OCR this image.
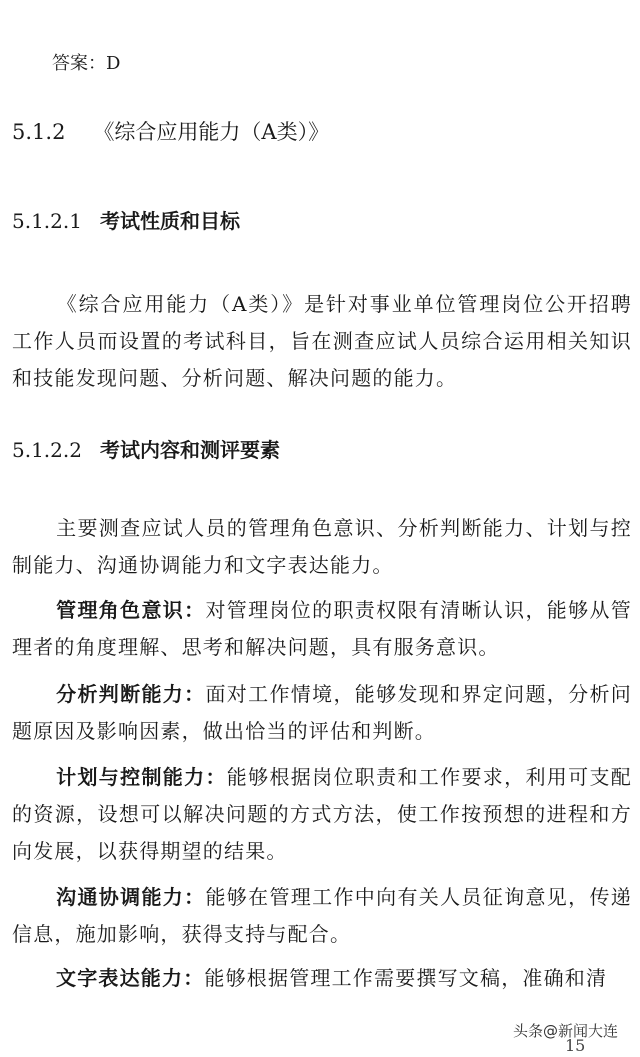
答案：D
5.1.2 《综合应用能力（A类）》
5.1.2.1 考试性质和目标
《综合应用能力（A类）》是针对事业单位管理岗位公开招聘工作人员而设置的考试科目，旨在测查应试人员综合运用相关知识和技能发现问题、分析问题、解决问题的能力。
5.1.2.2 考试内容和测评要素
主要测查应试人员的管理角色意识、分析判断能力、计划与控制能力、沟通协调能力和文字表达能力。
管理角色意识：对管理岗位的职责权限有清晰认识，能够从管理者的角度理解、思考和解决问题，具有服务意识。
分析判断能力：面对工作情境，能够发现和界定问题，分析问题原因及影响因素，做出恰当的评估和判断。
计划与控制能力：能够根据岗位职责和工作要求，利用可支配的资源，设想可以解决问题的方式方法，使工作按预想的进程和方向发展，以获得期望的结果。
沟通协调能力：能够在管理工作中向有关人员征询意见，传递信息，施加影响，获得支持与配合。
文字表达能力：能够根据管理工作需要撰写文稿，准确和清
15
头条@新闻大连
